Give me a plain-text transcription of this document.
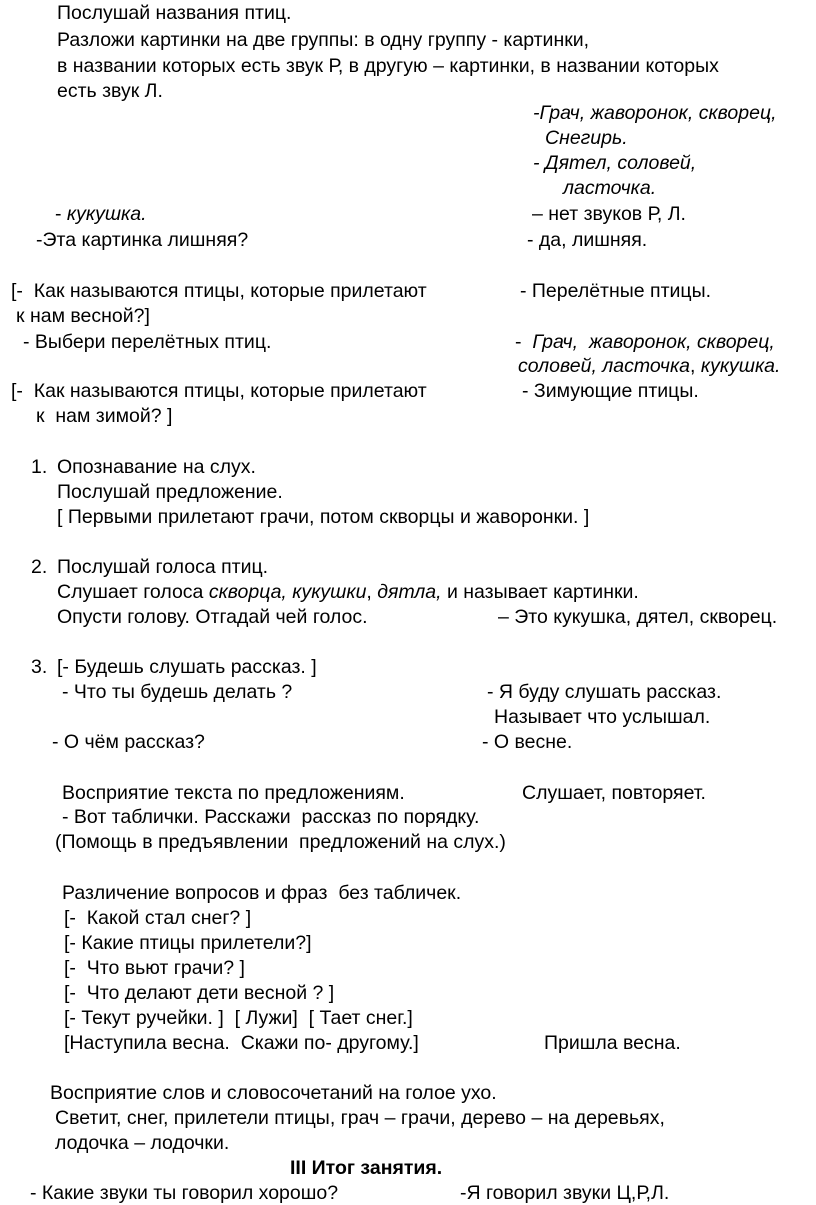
Послушай названия птиц.
Разложи картинки на две группы: в одну группу - картинки,
в названии которых есть звук Р, в другую – картинки, в названии которых
есть звук Л.
-Грач, жаворонок, скворец,
Снегирь.
- Дятел, соловей,
ласточка.
- кукушка.	– нет звуков Р, Л.
-Эта картинка лишняя?	- да, лишняя.
[-  Как называются птицы, которые прилетают	- Перелётные птицы.
к нам весной?]
- Выбери перелётных птиц.	-  Грач,  жаворонок, скворец,
соловей, ласточка, кукушка.
[-  Как называются птицы, которые прилетают	- Зимующие птицы.
к  нам зимой? ]
1. Опознавание на слух.
Послушай предложение.
[ Первыми прилетают грачи, потом скворцы и жаворонки. ]
2. Послушай голоса птиц.
Слушает голоса скворца, кукушки, дятла, и называет картинки.
Опусти голову. Отгадай чей голос.	– Это кукушка, дятел, скворец.
3. [- Будешь слушать рассказ. ]
- Что ты будешь делать ?	- Я буду слушать рассказ.
Называет что услышал.
- О чём рассказ?	- О весне.
Восприятие текста по предложениям.	Слушает, повторяет.
- Вот таблички. Расскажи  рассказ по порядку.
(Помощь в предъявлении  предложений на слух.)
Различение вопросов и фраз  без табличек.
[-  Какой стал снег? ]
[- Какие птицы прилетели?]
[-  Что вьют грачи? ]
[-  Что делают дети весной ? ]
[- Текут ручейки. ]  [ Лужи]  [ Тает снег.]
[Наступила весна.  Скажи по- другому.]	Пришла весна.
Восприятие слов и словосочетаний на голое ухо.
Светит, снег, прилетели птицы, грач – грачи, дерево – на деревьях,
лодочка – лодочки.
III Итог занятия.
- Какие звуки ты говорил хорошо?	-Я говорил звуки Ц,Р,Л.
